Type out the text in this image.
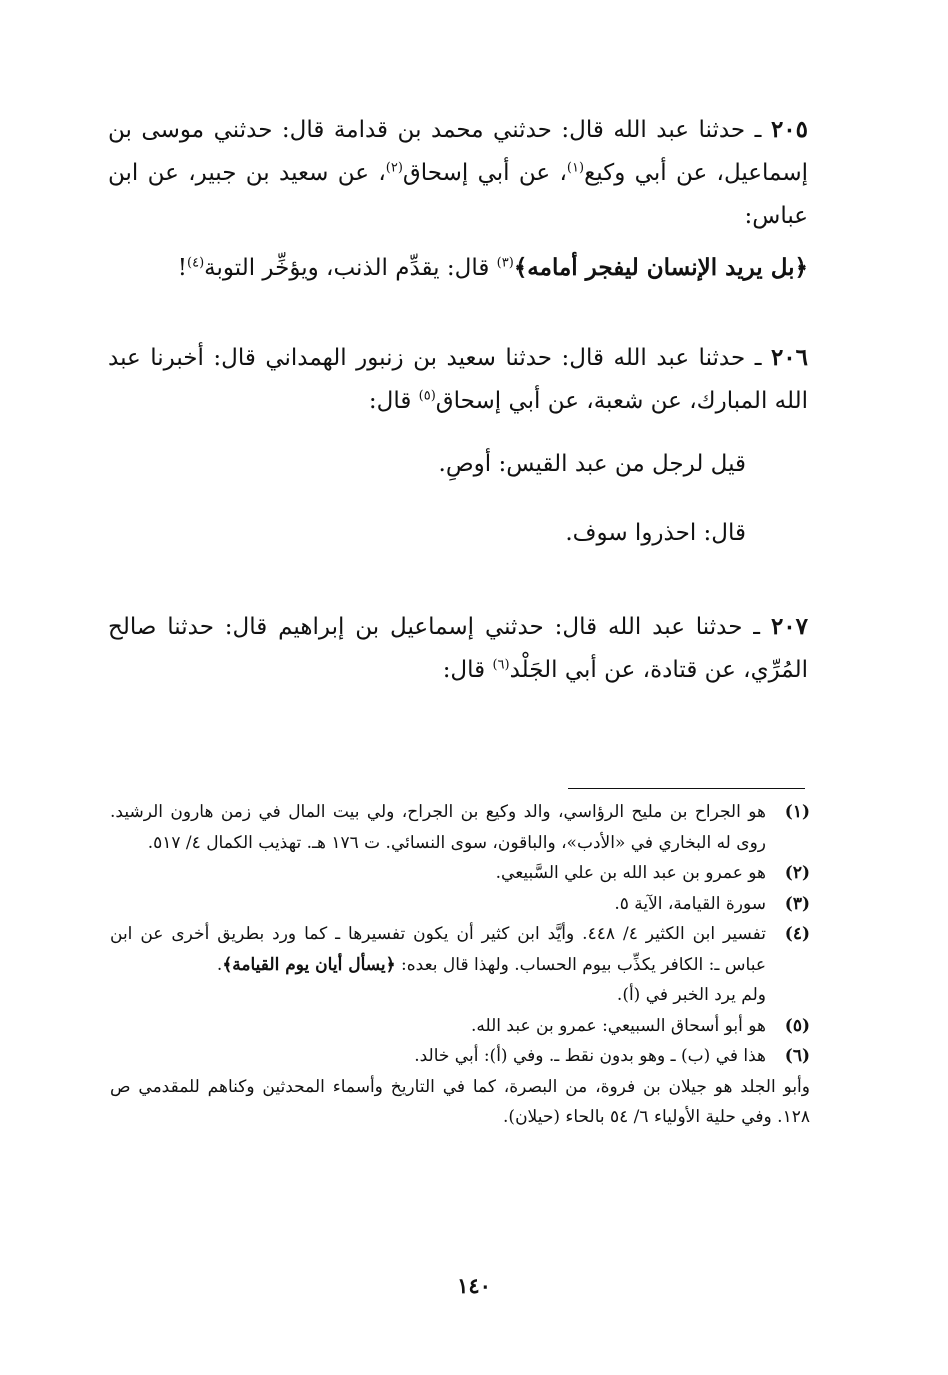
٢٠٥ ـ حدثنا عبد الله قال: حدثني محمد بن قدامة قال: حدثني موسى بن إسماعيل، عن أبي وكيع$^{(١)}$، عن أبي إسحاق$^{(٢)}$، عن سعيد بن جبير، عن ابن عباس:

﴿بل يريد الإنسان ليفجر أمامه﴾$^{(٣)}$ قال: يقدِّم الذنب، ويؤخِّر التوبة$^{(٤)}$!

٢٠٦ ـ حدثنا عبد الله قال: حدثنا سعيد بن زنبور الهمداني قال: أخبرنا عبد الله المبارك، عن شعبة، عن أبي إسحاق$^{(٥)}$ قال:

قيل لرجل من عبد القيس: أوصِ.

قال: احذروا سوف.

٢٠٧ ـ حدثنا عبد الله قال: حدثني إسماعيل بن إبراهيم قال: حدثنا صالح المُرِّي، عن قتادة، عن أبي الجَلْد$^{(٦)}$ قال:

(١)
هو الجراح بن مليح الرؤاسي، والد وكيع بن الجراح، ولي بيت المال في زمن هارون الرشيد. روى له البخاري في «الأدب»، والباقون، سوى النسائي. ت ١٧٦ هـ. تهذيب الكمال ٤/ ٥١٧.
(٢)
هو عمرو بن عبد الله بن علي السَّبيعي.
(٣)
سورة القيامة، الآية ٥.
(٤)
تفسير ابن الكثير ٤/ ٤٤٨. وأيَّد ابن كثير أن يكون تفسيرها ـ كما ورد بطريق أخرى عن ابن عباس ـ: الكافر يكذِّب بيوم الحساب. ولهذا قال بعده: ﴿يسأل أيان يوم القيامة﴾.
ولم يرد الخبر في (أ).
(٥)
هو أبو أسحاق السبيعي: عمرو بن عبد الله.
(٦)
هذا في (ب) ـ وهو بدون نقط ـ. وفي (أ): أبي خالد.

وأبو الجلد هو جيلان بن فروة، من البصرة، كما في التاريخ وأسماء المحدثين وكناهم للمقدمي ص ١٢٨. وفي حلية الأولياء ٦/ ٥٤ بالحاء (حيلان).

١٤٠
